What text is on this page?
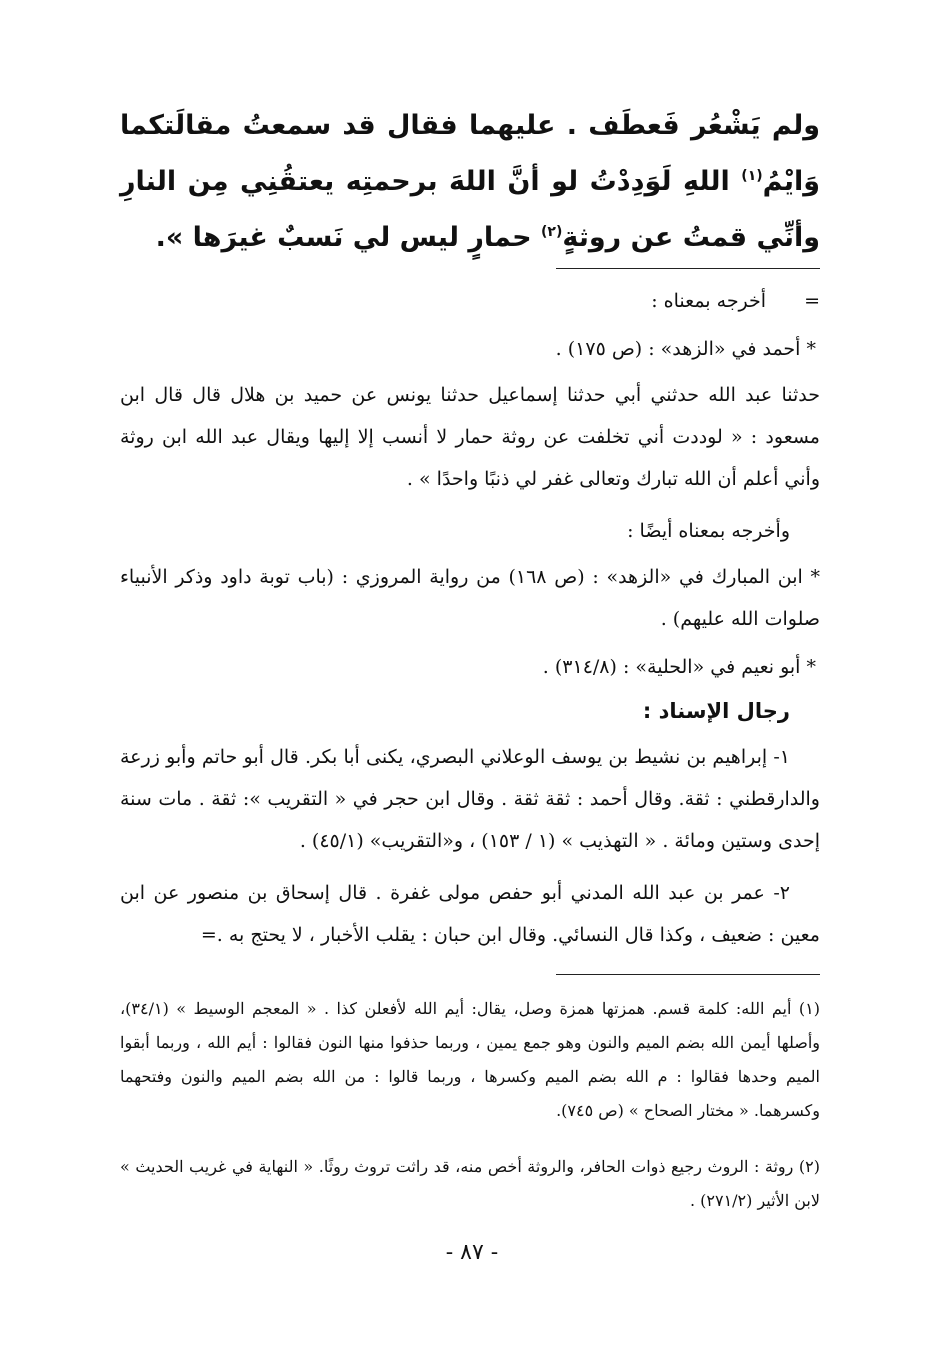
ولم يَشْعُر فَعطَف . عليهما فقال قد سمعتُ مقالَتكما وَايْمُ$^{(١)}$ اللهِ لَوَدِدْتُ لو أنَّ اللهَ برحمتِه يعتقُنِي مِن النارِ وأنِّي قمتُ عن روثةٍ$^{(٢)}$ حمارٍ ليس لي نَسبٌ غيرَها ».

=أخرجه بمعناه :

* أحمد في «الزهد» : (ص ١٧٥) .

حدثنا عبد الله حدثني أبي حدثنا إسماعيل حدثنا يونس عن حميد بن هلال قال قال ابن مسعود : « لوددت أني تخلفت عن روثة حمار لا أنسب إلا إليها ويقال عبد الله ابن روثة وأني أعلم أن الله تبارك وتعالى غفر لي ذنبًا واحدًا » .

وأخرجه بمعناه أيضًا :

* ابن المبارك في «الزهد» : (ص ١٦٨) من رواية المروزي : (باب توبة داود وذكر الأنبياء صلوات الله عليهم) .

* أبو نعيم في «الحلية» : (٣١٤/٨) .

رجال الإسناد :

١- إبراهيم بن نشيط بن يوسف الوعلاني البصري، يكنى أبا بكر. قال أبو حاتم وأبو زرعة والدارقطني : ثقة. وقال أحمد : ثقة ثقة . وقال ابن حجر في « التقريب »: ثقة . مات سنة إحدى وستين ومائة . « التهذيب » (١ / ١٥٣) ، و«التقريب» (٤٥/١) .

٢- عمر بن عبد الله المدني أبو حفص مولى غفرة . قال إسحاق بن منصور عن ابن معين : ضعيف ، وكذا قال النسائي. وقال ابن حبان : يقلب الأخبار ، لا يحتج به .=

(١) أيم الله: كلمة قسم. همزتها همزة وصل، يقال: أيم الله لأفعلن كذا . « المعجم الوسيط » (٣٤/١)، وأصلها أيمن الله بضم الميم والنون وهو جمع يمين ، وربما حذفوا منها النون فقالوا : أيم الله ، وربما أبقوا الميم وحدها فقالوا : م الله بضم الميم وكسرها ، وربما قالوا : من الله بضم الميم والنون وفتحهما وكسرهما. « مختار الصحاح » (ص ٧٤٥).

(٢) روثة : الروث رجيع ذوات الحافر، والروثة أخص منه، قد راثت تروث روثًا. « النهاية في غريب الحديث » لابن الأثير (٢٧١/٢) .

- ٨٧ -
